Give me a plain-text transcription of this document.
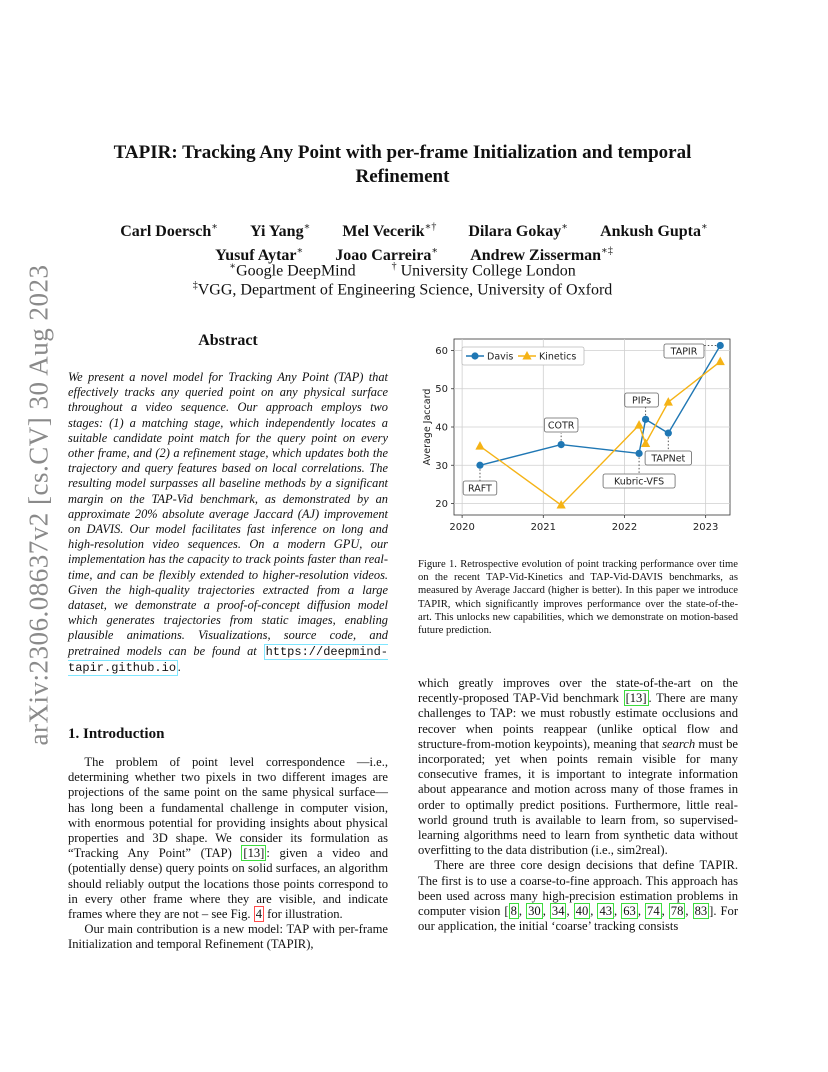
arXiv:2306.08637v2 [cs.CV] 30 Aug 2023
TAPIR: Tracking Any Point with per-frame Initialization and temporal
Refinement
Carl Doersch∗ Yi Yang∗ Mel Vecerik∗† Dilara Gokay∗ Ankush Gupta∗
Yusuf Aytar∗ Joao Carreira∗ Andrew Zisserman∗‡
∗Google DeepMind	† University College London
‡VGG, Department of Engineering Science, University of Oxford
Abstract
We present a novel model for Tracking Any Point (TAP) that effectively tracks any queried point on any physical surface throughout a video sequence. Our approach employs two stages: (1) a matching stage, which independently locates a suitable candidate point match for the query point on every other frame, and (2) a refinement stage, which updates both the trajectory and query features based on local correlations. The resulting model surpasses all baseline methods by a significant margin on the TAP-Vid benchmark, as demonstrated by an approximate 20% absolute average Jaccard (AJ) improvement on DAVIS. Our model facilitates fast inference on long and high-resolution video sequences. On a modern GPU, our implementation has the capacity to track points faster than real-time, and can be flexibly extended to higher-resolution videos. Given the high-quality trajectories extracted from a large dataset, we demonstrate a proof-of-concept diffusion model which generates trajectories from static images, enabling plausible animations. Visualizations, source code, and pretrained models can be found at https://deepmind-tapir.github.io .
1. Introduction

The problem of point level correspondence —i.e., determining whether two pixels in two different images are projections of the same point on the same physical surface—has long been a fundamental challenge in computer vision, with enormous potential for providing insights about physical properties and 3D shape. We consider its formulation as “Tracking Any Point” (TAP) [13] : given a video and (potentially dense) query points on solid surfaces, an algorithm should reliably output the locations those points correspond to in every other frame where they are visible, and indicate frames where they are not – see Fig. 4 for illustration.

Our main contribution is a new model: TAP with per-frame Initialization and temporal Refinement (TAPIR),

2020	2021	2022	2023
20
30
40
50
60
Average Jaccard
RAFT
COTR
Kubric-VFS
PIPs
TAPNet
TAPIR
Davis	Kinetics
Figure 1. Retrospective evolution of point tracking performance over time on the recent TAP-Vid-Kinetics and TAP-Vid-DAVIS benchmarks, as measured by Average Jaccard (higher is better). In this paper we introduce TAPIR, which significantly improves performance over the state-of-the-art. This unlocks new capabilities, which we demonstrate on motion-based future prediction.

which greatly improves over the state-of-the-art on the recently-proposed TAP-Vid benchmark [13] . There are many challenges to TAP: we must robustly estimate occlusions and recover when points reappear (unlike optical flow and structure-from-motion keypoints), meaning that search must be incorporated; yet when points remain visible for many consecutive frames, it is important to integrate information about appearance and motion across many of those frames in order to optimally predict positions. Furthermore, little real-world ground truth is available to learn from, so supervised-learning algorithms need to learn from synthetic data without overfitting to the data distribution (i.e., sim2real).

There are three core design decisions that define TAPIR. The first is to use a coarse-to-fine approach. This approach has been used across many high-precision estimation problems in computer vision [ 8 , 30 , 34 , 40 , 43 , 63 , 74 , 78 , 83 ]. For our application, the initial ‘coarse’ tracking consists
